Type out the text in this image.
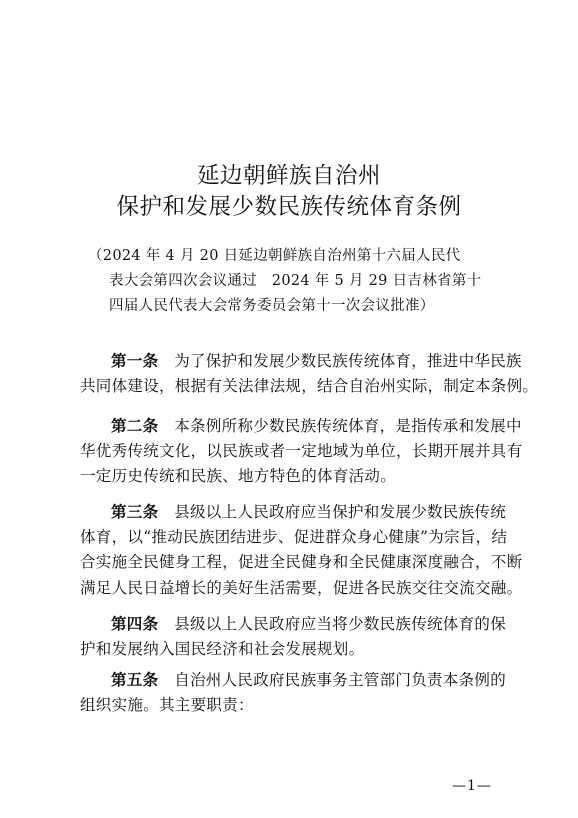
延边朝鲜族自治州
保护和发展少数民族传统体育条例
（2024 年 4 月 20 日延边朝鲜族自治州第十六届人民代
表大会第四次会议通过　2024 年 5 月 29 日吉林省第十
四届人民代表大会常务委员会第十一次会议批准）
第一条　为了保护和发展少数民族传统体育，推进中华民族
共同体建设，根据有关法律法规，结合自治州实际，制定本条例。
第二条　本条例所称少数民族传统体育，是指传承和发展中
华优秀传统文化，以民族或者一定地域为单位，长期开展并具有
一定历史传统和民族、地方特色的体育活动。
第三条　县级以上人民政府应当保护和发展少数民族传统
体育，以“推动民族团结进步、促进群众身心健康”为宗旨，结
合实施全民健身工程，促进全民健身和全民健康深度融合，不断
满足人民日益增长的美好生活需要，促进各民族交往交流交融。
第四条　县级以上人民政府应当将少数民族传统体育的保
护和发展纳入国民经济和社会发展规划。
第五条　自治州人民政府民族事务主管部门负责本条例的
组织实施。其主要职责：
—1—
